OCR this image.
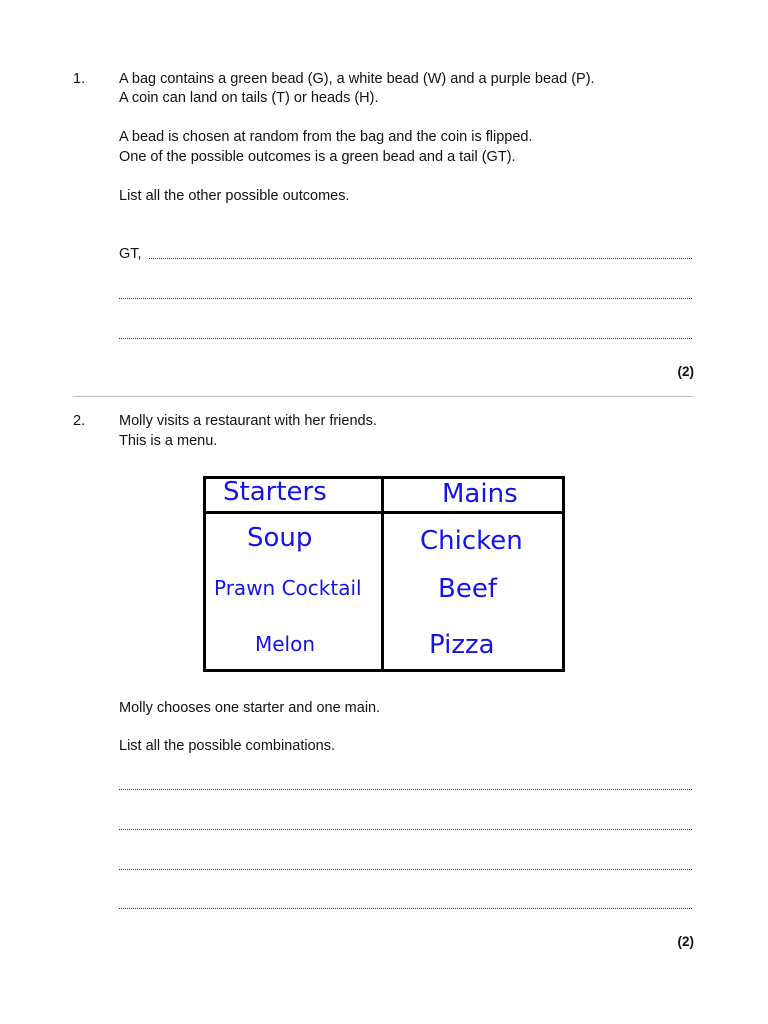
1. A bag contains a green bead (G), a white bead (W) and a purple bead (P).
A coin can land on tails (T) or heads (H).
A bead is chosen at random from the bag and the coin is flipped.
One of the possible outcomes is a green bead and a tail (GT).
List all the other possible outcomes.
GT,
(2)
2. Molly visits a restaurant with her friends.
This is a menu.
Starters	Mains
Soup
Prawn Cocktail
Melon
Chicken
Beef
Pizza
Molly chooses one starter and one main.
List all the possible combinations.
(2)
